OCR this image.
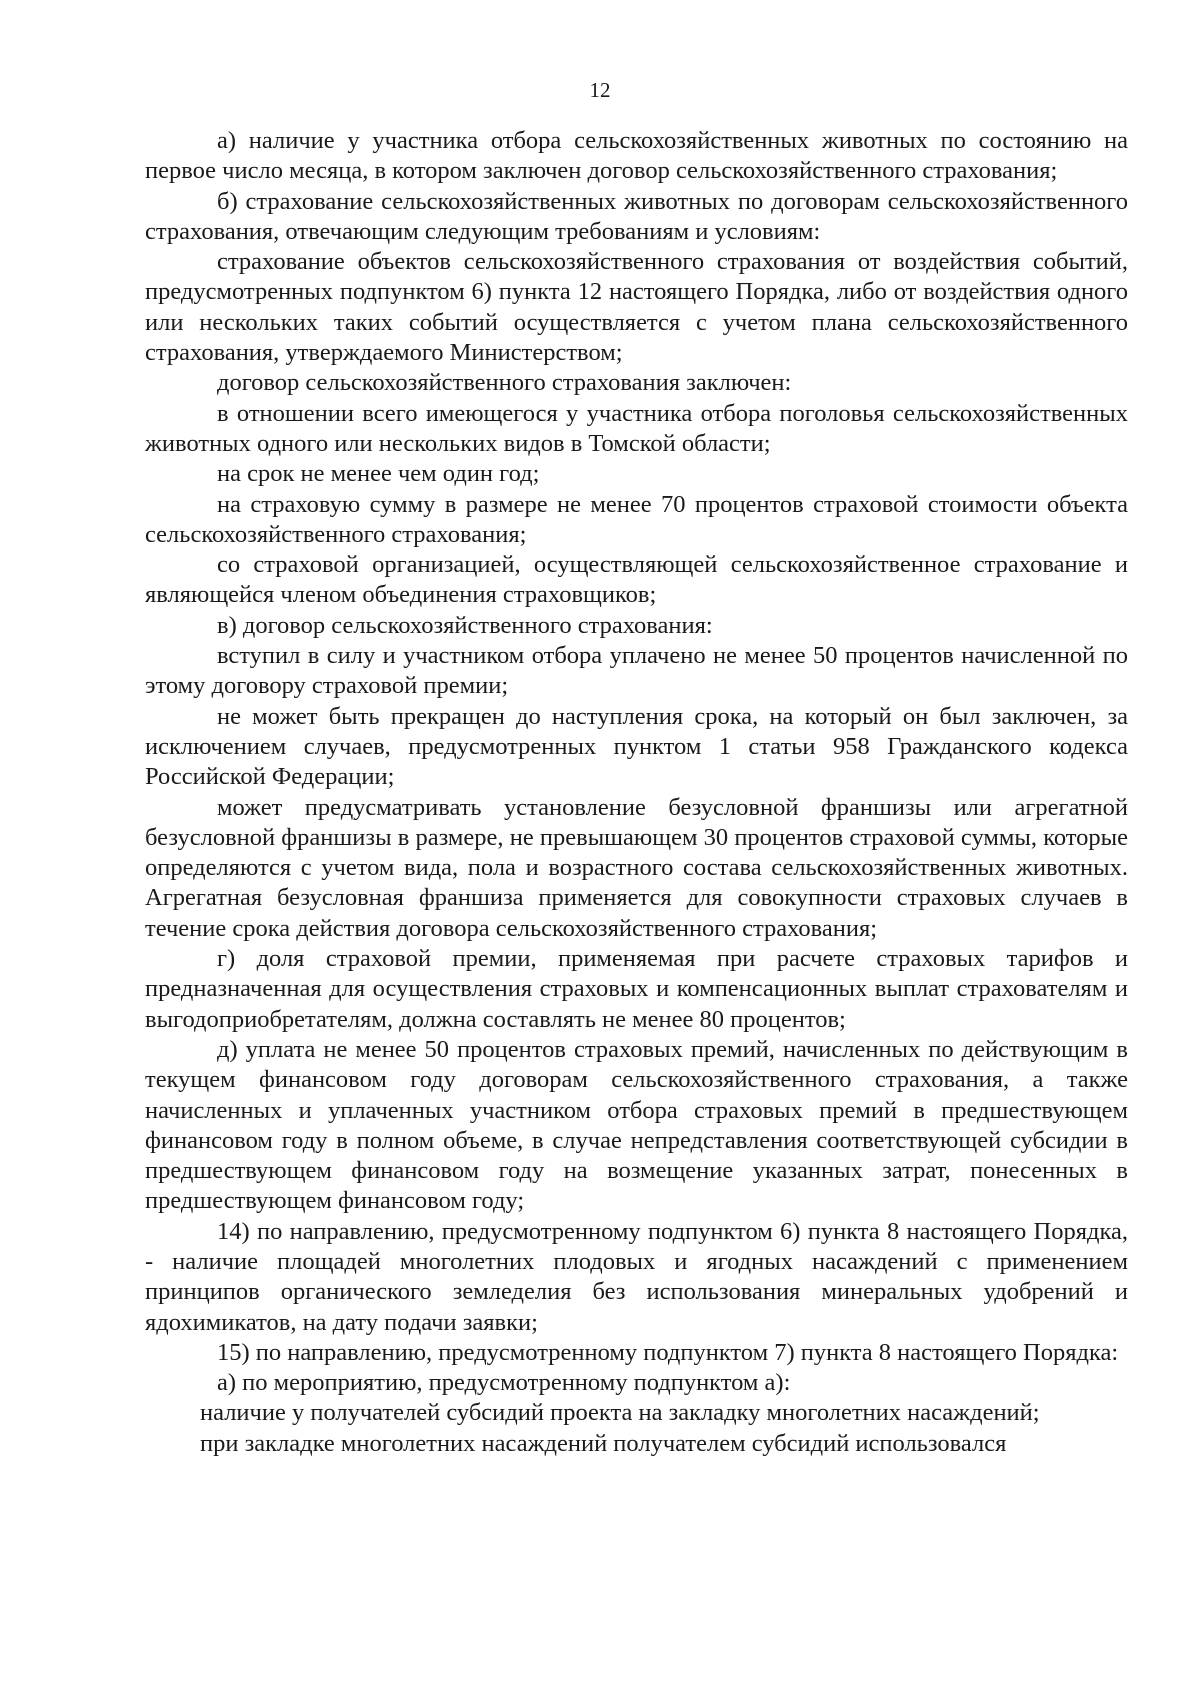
12

а) наличие у участника отбора сельскохозяйственных животных по состоянию на первое число месяца, в котором заключен договор сельскохозяйственного страхования;

б) страхование сельскохозяйственных животных по договорам сельскохозяйственного страхования, отвечающим следующим требованиям и условиям:

страхование объектов сельскохозяйственного страхования от воздействия событий, предусмотренных подпунктом 6) пункта 12 настоящего Порядка, либо от воздействия одного или нескольких таких событий осуществляется с учетом плана сельскохозяйственного страхования, утверждаемого Министерством;

договор сельскохозяйственного страхования заключен:

в отношении всего имеющегося у участника отбора поголовья сельскохозяйственных животных одного или нескольких видов в Томской области;

на срок не менее чем один год;

на страховую сумму в размере не менее 70 процентов страховой стоимости объекта сельскохозяйственного страхования;

со страховой организацией, осуществляющей сельскохозяйственное страхование и являющейся членом объединения страховщиков;

в) договор сельскохозяйственного страхования:

вступил в силу и участником отбора уплачено не менее 50 процентов начисленной по этому договору страховой премии;

не может быть прекращен до наступления срока, на который он был заключен, за исключением случаев, предусмотренных пунктом 1 статьи 958 Гражданского кодекса Российской Федерации;

может предусматривать установление безусловной франшизы или агрегатной безусловной франшизы в размере, не превышающем 30 процентов страховой суммы, которые определяются с учетом вида, пола и возрастного состава сельскохозяйственных животных. Агрегатная безусловная франшиза применяется для совокупности страховых случаев в течение срока действия договора сельскохозяйственного страхования;

г) доля страховой премии, применяемая при расчете страховых тарифов и предназначенная для осуществления страховых и компенсационных выплат страхователям и выгодоприобретателям, должна составлять не менее 80 процентов;

д) уплата не менее 50 процентов страховых премий, начисленных по действующим в текущем финансовом году договорам сельскохозяйственного страхования, а также начисленных и уплаченных участником отбора страховых премий в предшествующем финансовом году в полном объеме, в случае непредставления соответствующей субсидии в предшествующем финансовом году на возмещение указанных затрат, понесенных в предшествующем финансовом году;

14) по направлению, предусмотренному подпунктом 6) пункта 8 настоящего Порядка, - наличие площадей многолетних плодовых и ягодных насаждений с применением принципов органического земледелия без использования минеральных удобрений и ядохимикатов, на дату подачи заявки;

15) по направлению, предусмотренному подпунктом 7) пункта 8 настоящего Порядка:

а) по мероприятию, предусмотренному подпунктом а):

наличие у получателей субсидий проекта на закладку многолетних насаждений;

при закладке многолетних насаждений получателем субсидий использовался
